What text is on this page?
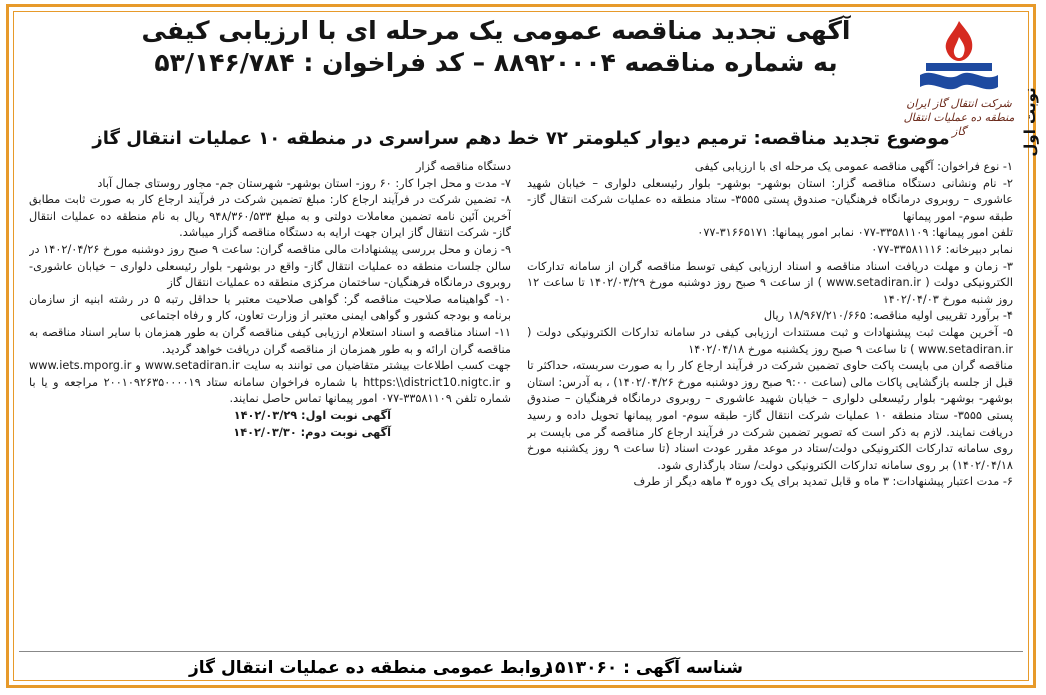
شرکت انتقال گاز ایران
منطقه ده عملیات انتقال گاز	نوبت اول
آگهی تجدید مناقصه عمومی یک مرحله ای با ارزیابی کیفی
به شماره مناقصه ۸۸۹۲۰۰۰۴ – کد فراخوان : ۵۳/۱۴۶/۷۸۴
موضوع تجدید مناقصه: ترمیم دیوار کیلومتر ۷۲ خط دهم سراسری در منطقه ۱۰ عملیات انتقال گاز

۱- نوع فراخوان: آگهی مناقصه عمومی یک مرحله ای با ارزیابی کیفی

۲- نام ونشانی دستگاه مناقصه گزار: استان بوشهر- بوشهر- بلوار رئیسعلی دلواری – خیابان شهید عاشوری – روبروی درمانگاه فرهنگیان- صندوق پستی ۳۵۵۵- ستاد منطقه ده عملیات شرکت انتقال گاز- طبقه سوم- امور پیمانها

تلفن امور پیمانها: ۳۳۵۸۱۱۰۹-۰۷۷ نمابر امور پیمانها: ۳۱۶۶۵۱۷۱-۰۷۷

نمابر دبیرخانه: ۳۳۵۸۱۱۱۶-۰۷۷

۳- زمان و مهلت دریافت اسناد مناقصه و اسناد ارزیابی کیفی توسط مناقصه گران از سامانه تدارکات الکترونیکی دولت ( www.setadiran.ir ) از ساعت ۹ صبح روز دوشنبه مورخ ۱۴۰۲/۰۳/۲۹ تا ساعت ۱۲ روز شنبه مورخ ۱۴۰۲/۰۴/۰۳

۴- برآورد تقریبی اولیه مناقصه: ۱۸/۹۶۷/۲۱۰/۶۶۵ ریال

۵- آخرین مهلت ثبت پیشنهادات و ثبت مستندات ارزیابی کیفی در سامانه تدارکات الکترونیکی دولت ( www.setadiran.ir ) تا ساعت ۹ صبح روز یکشنبه مورخ ۱۴۰۲/۰۴/۱۸

مناقصه گران می بایست پاکت حاوی تضمین شرکت در فرآیند ارجاع کار را به صورت سربسته، حداکثر تا قبل از جلسه بازگشایی پاکات مالی (ساعت ۹:۰۰ صبح روز دوشنبه مورخ ۱۴۰۲/۰۴/۲۶) ، به آدرس: استان بوشهر- بوشهر- بلوار رئیسعلی دلواری – خیابان شهید عاشوری – روبروی درمانگاه فرهنگیان – صندوق پستی ۳۵۵۵- ستاد منطقه ۱۰ عملیات شرکت انتقال گاز- طبقه سوم- امور پیمانها تحویل داده و رسید دریافت نمایند. لازم به ذکر است که تصویر تضمین شرکت در فرآیند ارجاع کار مناقصه گر می بایست بر روی سامانه تدارکات الکترونیکی دولت/ستاد در موعد مقرر عودت اسناد (تا ساعت ۹ روز یکشنبه مورخ ۱۴۰۲/۰۴/۱۸) بر روی سامانه تدارکات الکترونیکی دولت/ ستاد بارگذاری شود.

۶- مدت اعتبار پیشنهادات: ۳ ماه و قابل تمدید برای یک دوره ۳ ماهه دیگر از طرف

دستگاه مناقصه گزار

۷- مدت و محل اجرا کار: ۶۰ روز- استان بوشهر- شهرستان جم- مجاور روستای جمال آباد

۸- تضمین شرکت در فرآیند ارجاع کار: مبلغ تضمین شرکت در فرآیند ارجاع کار به صورت ثابت مطابق آخرین آئین نامه تضمین معاملات دولتی و به مبلغ ۹۴۸/۳۶۰/۵۳۳ ریال به نام منطقه ده عملیات انتقال گاز- شرکت انتقال گاز ایران جهت ارایه به دستگاه مناقصه گزار میباشد.

۹- زمان و محل بررسی پیشنهادات مالی مناقصه گران: ساعت ۹ صبح روز دوشنبه مورخ ۱۴۰۲/۰۴/۲۶ در سالن جلسات منطقه ده عملیات انتقال گاز- واقع در بوشهر- بلوار رئیسعلی دلواری – خیابان عاشوری- روبروی درمانگاه فرهنگیان- ساختمان مرکزی منطقه ده عملیات انتقال گاز

۱۰- گواهینامه صلاحیت مناقصه گر: گواهی صلاحیت معتبر با حداقل رتبه ۵ در رشته ابنیه از سازمان برنامه و بودجه کشور و گواهی ایمنی معتبر از وزارت تعاون، کار و رفاه اجتماعی

۱۱- اسناد مناقصه و اسناد استعلام ارزیابی کیفی مناقصه گران به طور همزمان با سایر اسناد مناقصه به مناقصه گران ارائه و به طور همزمان از مناقصه گران دریافت خواهد گردید.

جهت کسب اطلاعات بیشتر متقاضیان می توانند به سایت www.setadiran.ir و www.iets.mporg.ir و https:\\district10.nigtc.ir با شماره فراخوان سامانه ستاد ۲۰۰۱۰۹۲۶۳۵۰۰۰۰۱۹ مراجعه و یا با شماره تلفن ۳۳۵۸۱۱۰۹-۰۷۷ امور پیمانها تماس حاصل نمایند.

آگهی نوبت اول: ۱۴۰۲/۰۳/۲۹

آگهی نوبت دوم: ۱۴۰۲/۰۳/۳۰

شناسه آگهی : ۱۵۱۳۰۶۰
روابط عمومی منطقه ده عملیات انتقال گاز
